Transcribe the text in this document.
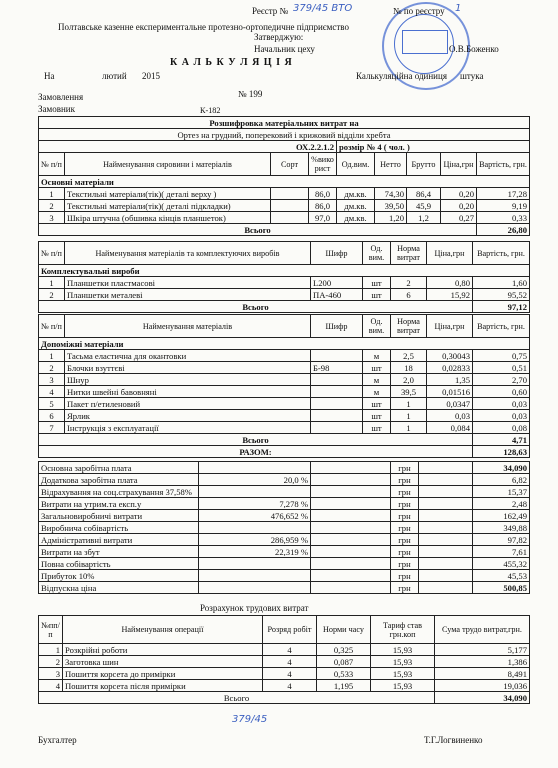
Реєстр № 379/45 ВТО	№ по реєстру 1
Полтавське казенне експериментальне протезно-ортопедичне підприємство
Затверджую:
Начальник цеху	О.В.Боженко
К А Л Ь К У Л Я Ц І Я
На	лютий 2015	Калькуляційна одиниця штука
Замовлення	№ 199
Замовник	К-182
Розшифровка матеріальних витрат на								
Ортез на грудний, поперековий і крижовий відділи хребта								
ОХ.2.2.1.2				розмір № 4 ( чол. )				
№ п/п	Найменування сировини і матеріалів	Сорт	%вико рист	Од.вим.	Нетто	Брутто	Ціна,грн	Вартість, грн.
Основні матеріали								
1	Текстильні матеріали(тік)( деталі верху )		86,0	дм.кв.	74,30	86,4	0,20	17,28
2	Текстильні матеріали(тік)( деталі підкладки)		86,0	дм.кв.	39,50	45,9	0,20	9,19
3	Шкіра штучна (обшивка кінців планшеток)		97,0	дм.кв.	1,20	1,2	0,27	0,33
Всього								26,80
№ п/п	Найменування матеріалів та комплектуючих виробів	Шифр	Од. вим.	Норма витрат	Ціна,грн	Вартість, грн.
Комплектувальні вироби						
1	Планшетки пластмасові	L200	шт	2	0,80	1,60
2	Планшетки металеві	ПА-460	шт	6	15,92	95,52
Всього						97,12
№ п/п	Найменування матеріалів	Шифр	Од. вим.	Норма витрат	Ціна,грн	Вартість, грн.
Допоміжні матеріали						
1	Тасьма еластична для окантовки		м	2,5	0,30043	0,75
2	Блочки взуттєві	Б-98	шт	18	0,02833	0,51
3	Шнур		м	2,0	1,35	2,70
4	Нитки швейні бавовняні		м	39,5	0,01516	0,60
5	Пакет п/етиленовий		шт	1	0,0347	0,03
6	Ярлик		шт	1	0,03	0,03
7	Інструкція з експлуатації		шт	1	0,084	0,08
Всього						4,71
РАЗОМ:						128,63
Основна заробітна плата			грн		34,090
Додаткова заробітна плата	20,0 %		грн		6,82
Відрахування на соц.страхування 37,58%			грн		15,37
Витрати на утрим.та експ.у	7,278 %		грн		2,48
Загальновиробничі витрати	476,652 %		грн		162,49
Виробнича собівартість			грн		349,88
Адміністративні витрати	286,959 %		грн		97,82
Витрати на збут	22,319 %		грн		7,61
Повна собівартість			грн		455,32
Прибуток 10%			грн		45,53
Відпускна ціна			грн		500,85
Розрахунок трудових витрат
№пп/п	Найменування операції	Розряд робіт	Норми часу	Тариф став грн.коп	Сума трудо витрат,грн.
1	Розкрійні роботи	4	0,325	15,93	5,177
2	Заготовка шин	4	0,087	15,93	1,386
3	Пошиття корсета до примірки	4	0,533	15,93	8,491
4	Пошиття корсета після примірки	4	1,195	15,93	19,036
Всього					34,090
379/45
Бухгалтер	Т.Г.Логвиненко
